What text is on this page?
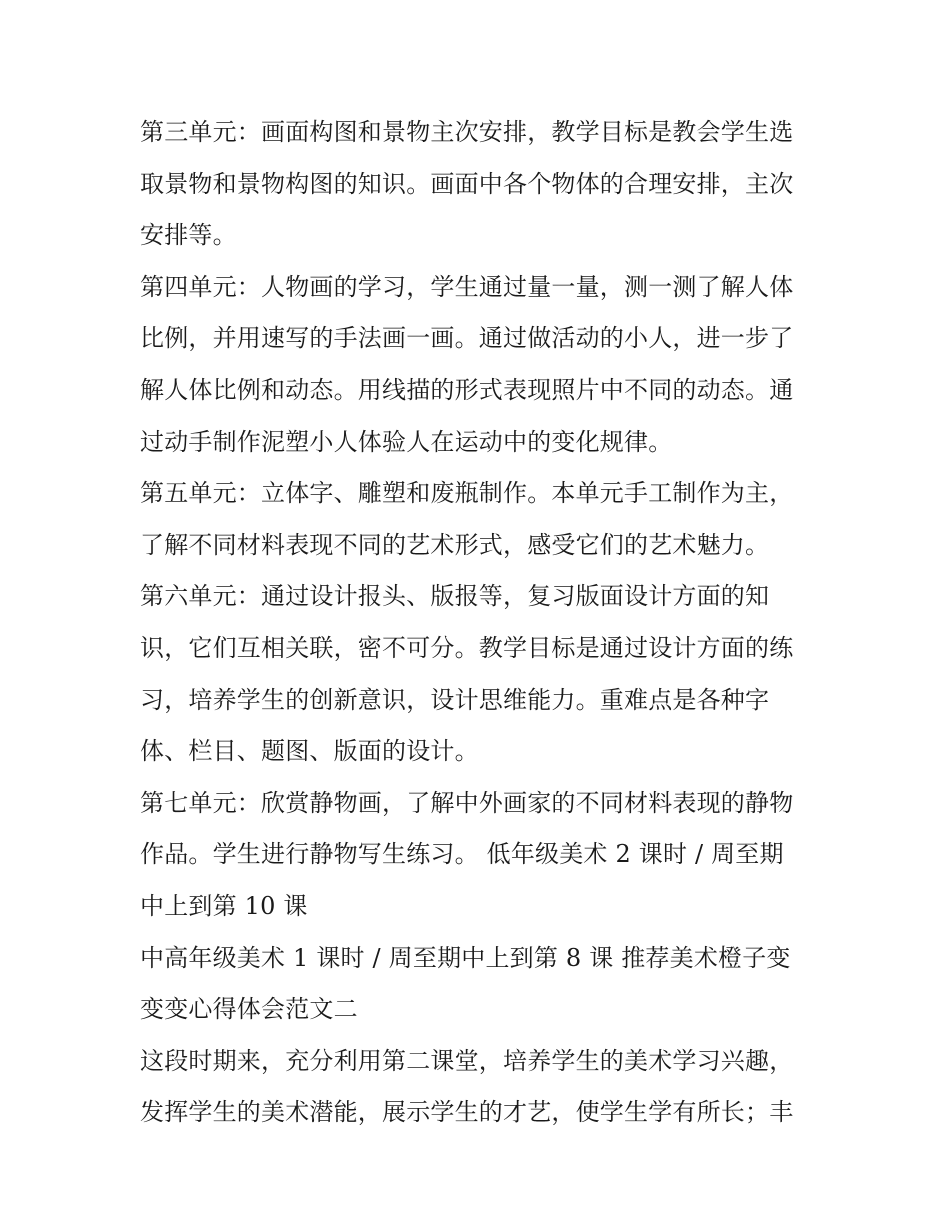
第三单元：画面构图和景物主次安排，教学目标是教会学生选
取景物和景物构图的知识。画面中各个物体的合理安排，主次
安排等。
第四单元：人物画的学习，学生通过量一量，测一测了解人体
比例，并用速写的手法画一画。通过做活动的小人，进一步了
解人体比例和动态。用线描的形式表现照片中不同的动态。通
过动手制作泥塑小人体验人在运动中的变化规律。
第五单元：立体字、雕塑和废瓶制作。本单元手工制作为主，
了解不同材料表现不同的艺术形式，感受它们的艺术魅力。
第六单元：通过设计报头、版报等，复习版面设计方面的知
识，它们互相关联，密不可分。教学目标是通过设计方面的练
习，培养学生的创新意识，设计思维能力。重难点是各种字
体、栏目、题图、版面的设计。
第七单元：欣赏静物画，了解中外画家的不同材料表现的静物
作品。学生进行静物写生练习。 低年级美术 2 课时 / 周至期
中上到第 10 课
中高年级美术 1 课时 / 周至期中上到第 8 课 推荐美术橙子变
变变心得体会范文二
这段时期来，充分利用第二课堂，培养学生的美术学习兴趣，
发挥学生的美术潜能，展示学生的才艺，使学生学有所长；丰
